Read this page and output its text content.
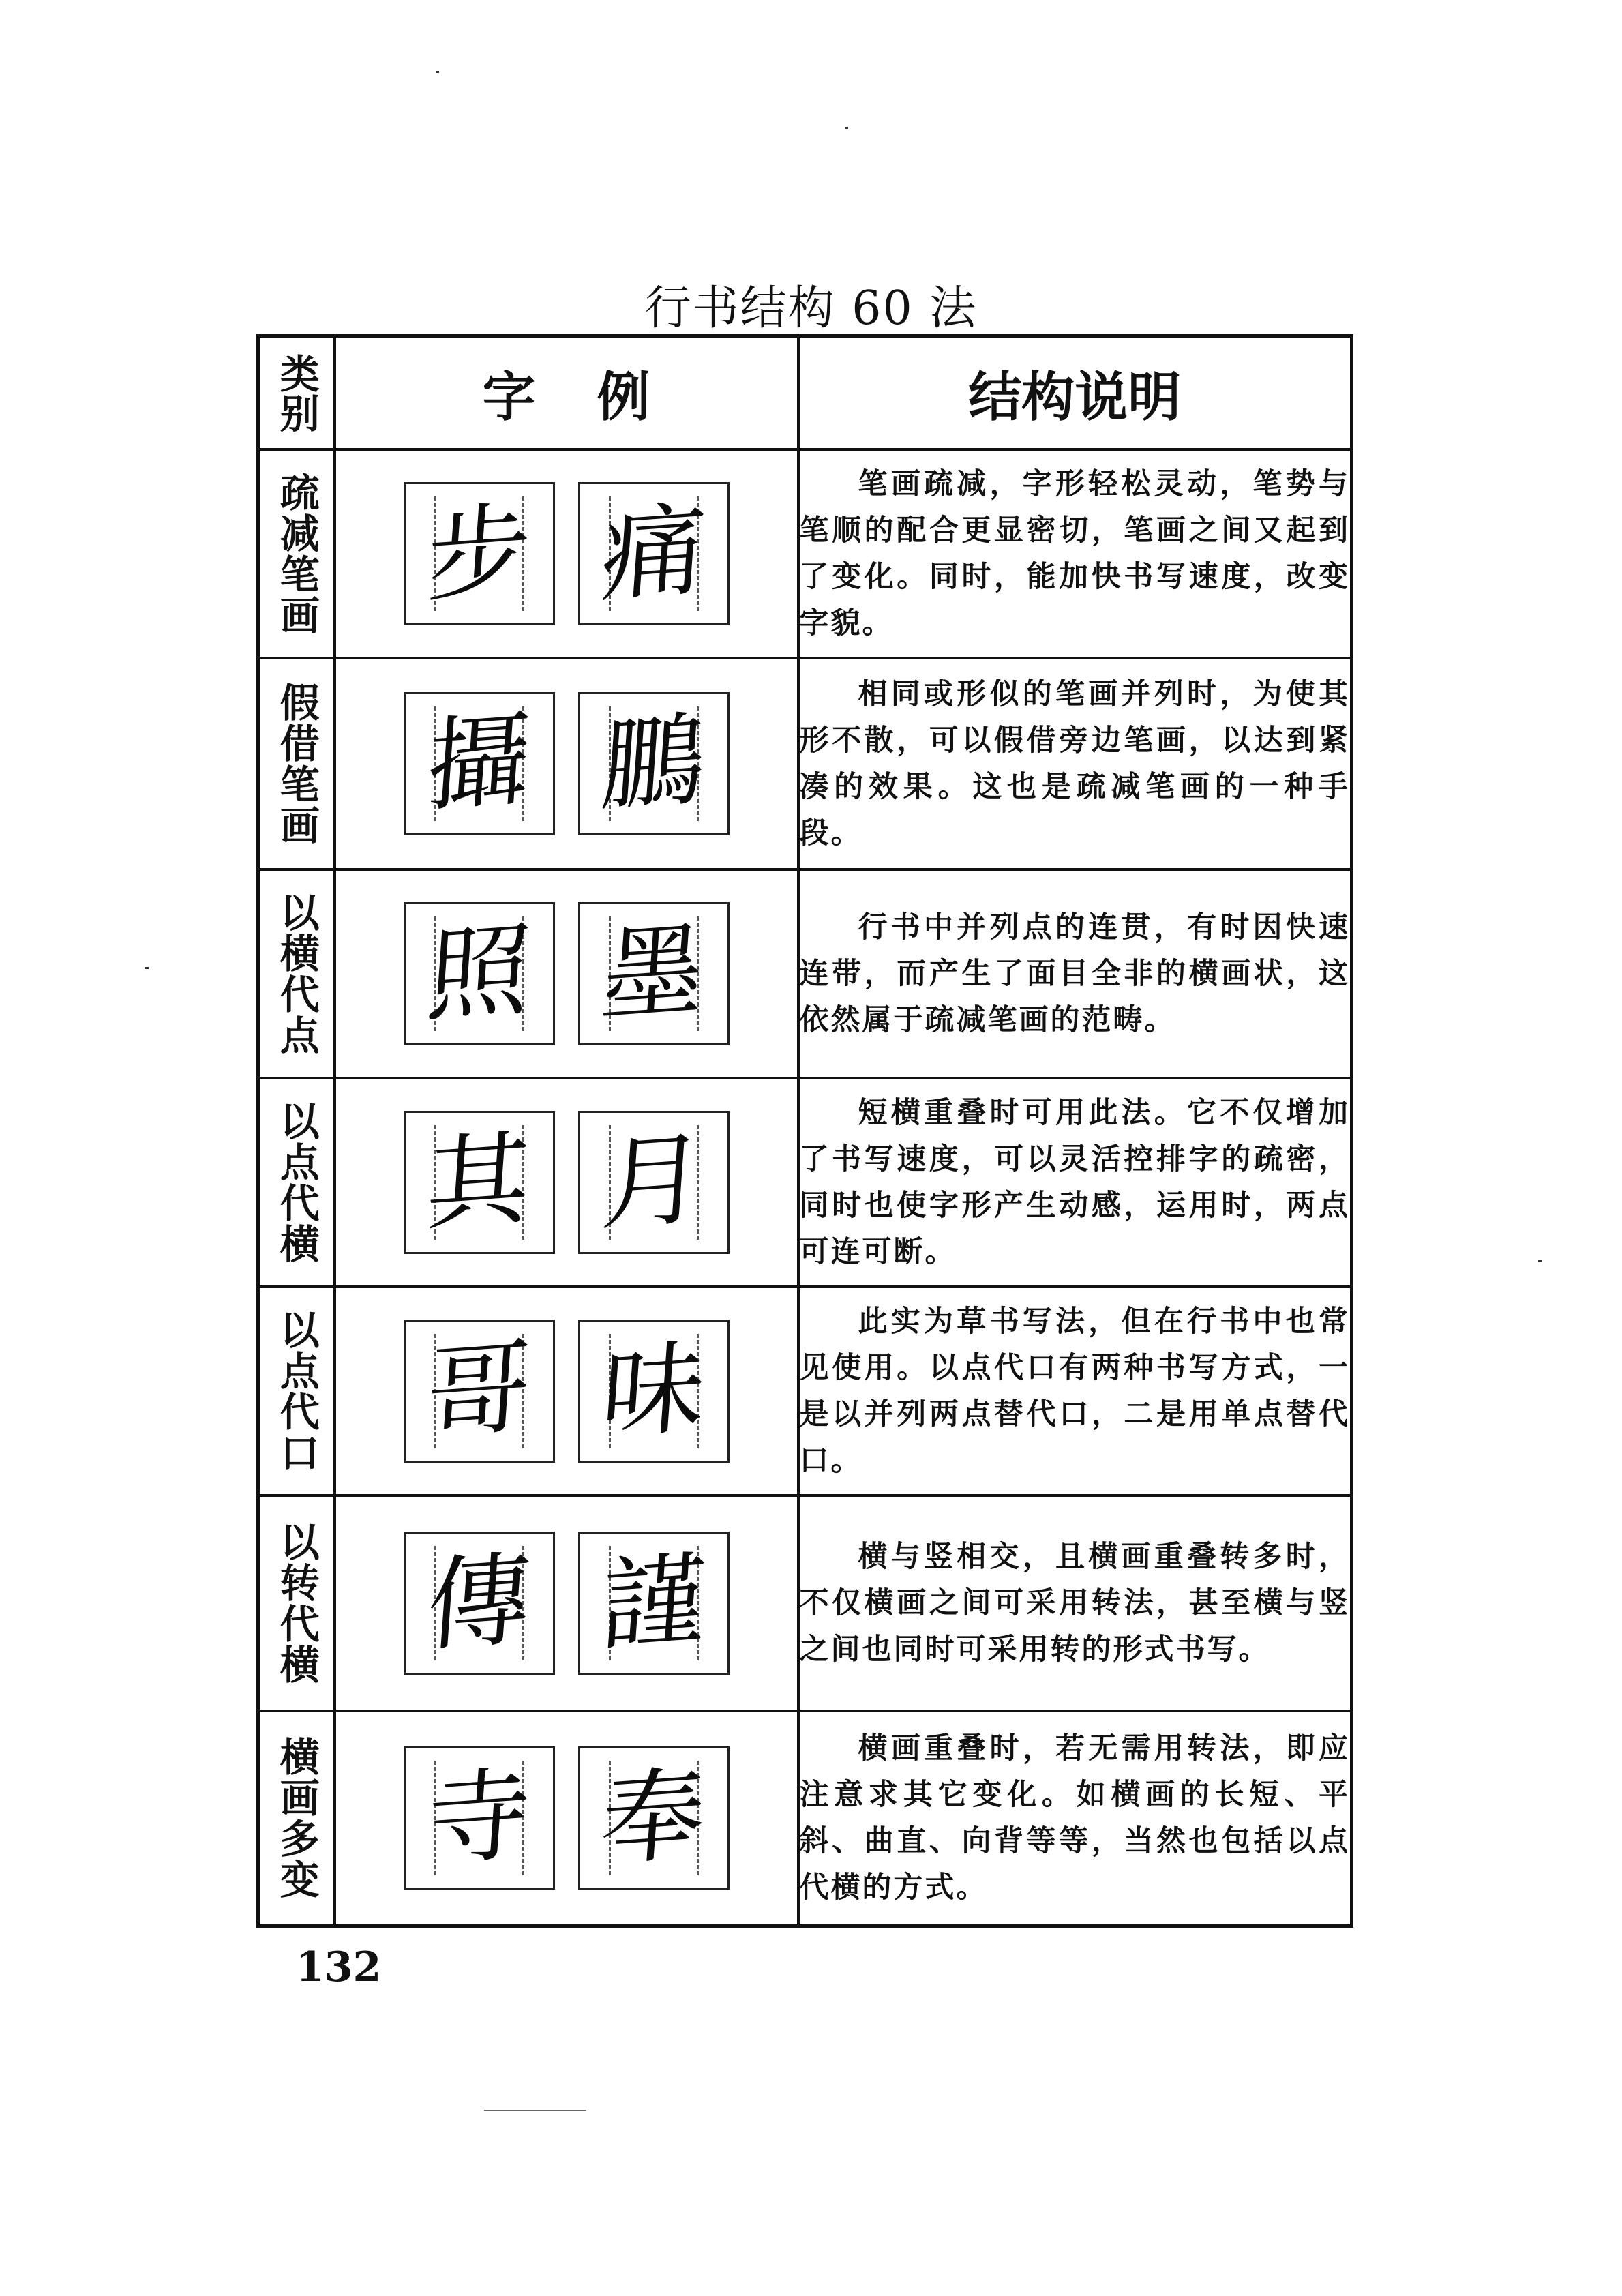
行书结构 60 法
类别	字例	结构说明
疏减笔画	步 痛	笔画疏减，字形轻松灵动，笔势与笔顺的配合更显密切，笔画之间又起到了变化。同时，能加快书写速度，改变字貌。
假借笔画	攝 鵬	相同或形似的笔画并列时，为使其形不散，可以假借旁边笔画，以达到紧凑的效果。这也是疏减笔画的一种手段。
以横代点	照 墨	行书中并列点的连贯，有时因快速连带，而产生了面目全非的横画状，这依然属于疏减笔画的范畴。
以点代横	其 月	短横重叠时可用此法。它不仅增加了书写速度，可以灵活控排字的疏密，同时也使字形产生动感，运用时，两点可连可断。
以点代口	哥 味	此实为草书写法，但在行书中也常见使用。以点代口有两种书写方式，一是以并列两点替代口，二是用单点替代口。
以转代横	傳 謹	横与竖相交，且横画重叠转多时，不仅横画之间可采用转法，甚至横与竖之间也同时可采用转的形式书写。
横画多变	寺 奉	横画重叠时，若无需用转法，即应注意求其它变化。如横画的长短、平斜、曲直、向背等等，当然也包括以点代横的方式。
132
